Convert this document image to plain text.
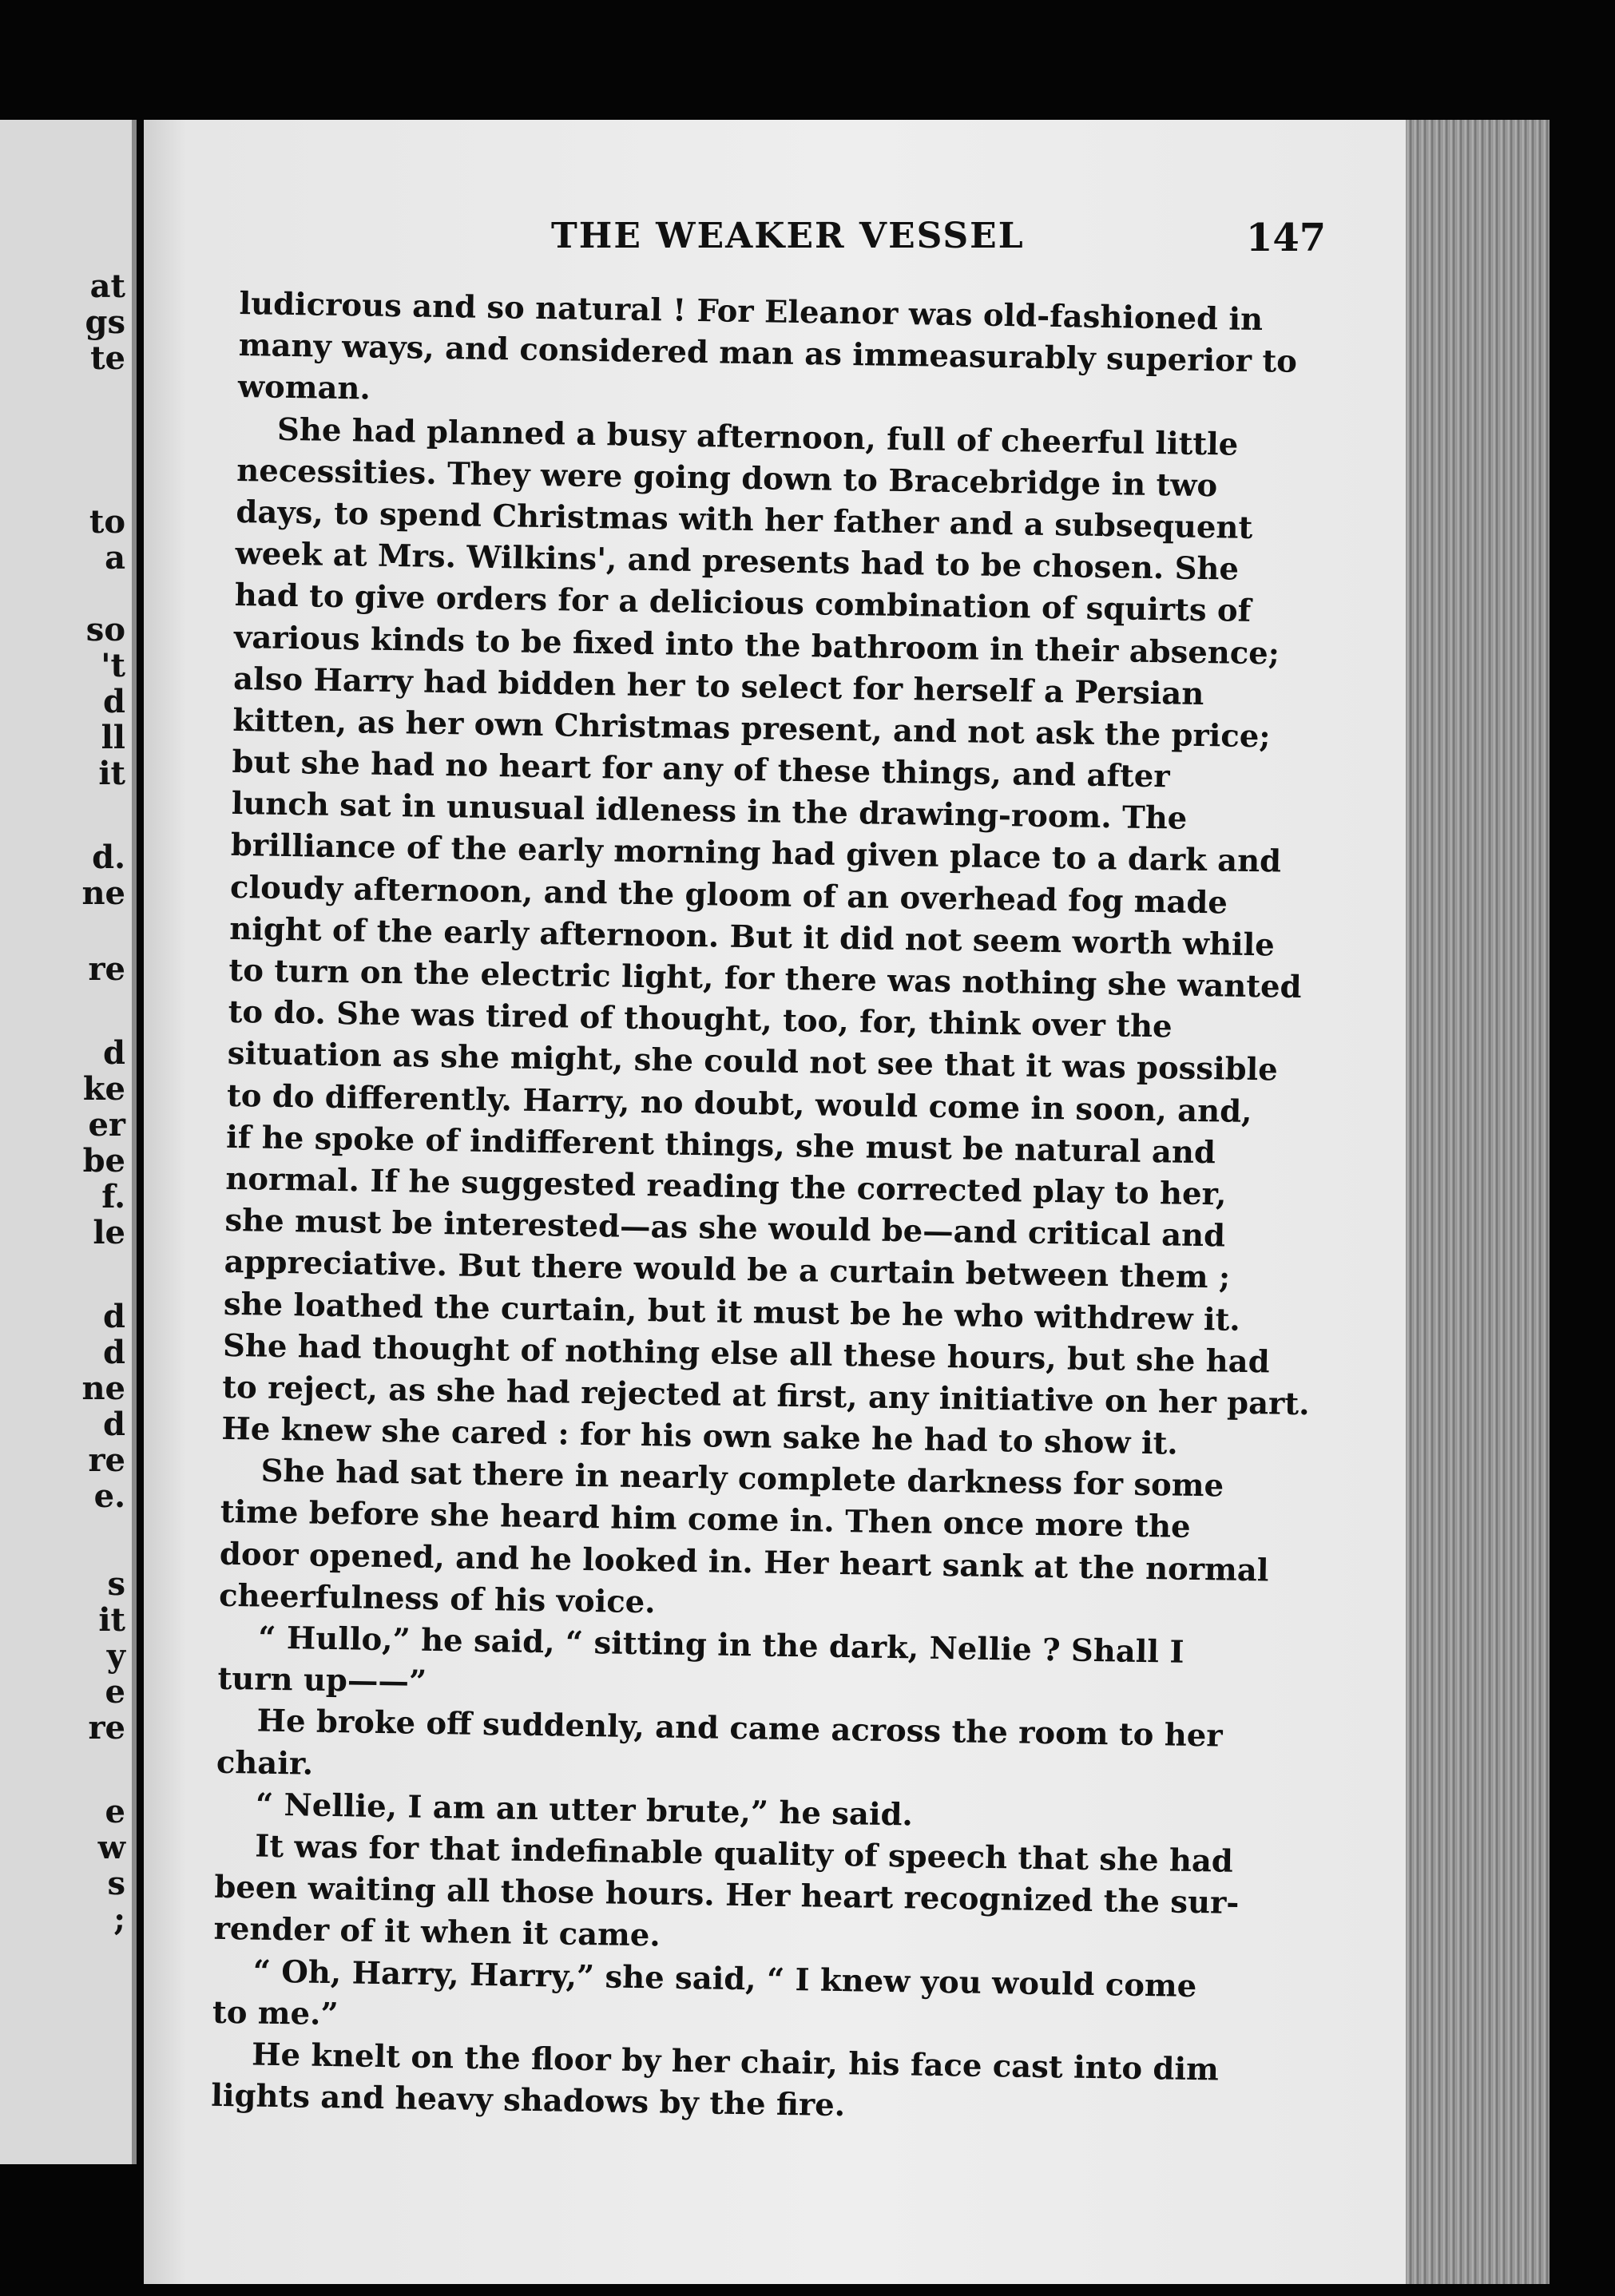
at
gs
te
to
a
so
't
d
ll
it
d.
ne
re
d
ke
er
be
f.
le
d
d
ne
d
re
e.
s
it
y
e
re
e
w
s
;
THE WEAKER VESSEL	147
ludicrous and so natural ! For Eleanor was old-fashioned in
many ways, and considered man as immeasurably superior to
woman.
She had planned a busy afternoon, full of cheerful little
necessities. They were going down to Bracebridge in two
days, to spend Christmas with her father and a subsequent
week at Mrs. Wilkins', and presents had to be chosen. She
had to give orders for a delicious combination of squirts of
various kinds to be fixed into the bathroom in their absence;
also Harry had bidden her to select for herself a Persian
kitten, as her own Christmas present, and not ask the price;
but she had no heart for any of these things, and after
lunch sat in unusual idleness in the drawing-room. The
brilliance of the early morning had given place to a dark and
cloudy afternoon, and the gloom of an overhead fog made
night of the early afternoon. But it did not seem worth while
to turn on the electric light, for there was nothing she wanted
to do. She was tired of thought, too, for, think over the
situation as she might, she could not see that it was possible
to do differently. Harry, no doubt, would come in soon, and,
if he spoke of indifferent things, she must be natural and
normal. If he suggested reading the corrected play to her,
she must be interested—as she would be—and critical and
appreciative. But there would be a curtain between them ;
she loathed the curtain, but it must be he who withdrew it.
She had thought of nothing else all these hours, but she had
to reject, as she had rejected at first, any initiative on her part.
He knew she cared : for his own sake he had to show it.
She had sat there in nearly complete darkness for some
time before she heard him come in. Then once more the
door opened, and he looked in. Her heart sank at the normal
cheerfulness of his voice.
“ Hullo,” he said, “ sitting in the dark, Nellie ? Shall I
turn up——”
He broke off suddenly, and came across the room to her
chair.
“ Nellie, I am an utter brute,” he said.
It was for that indefinable quality of speech that she had
been waiting all those hours. Her heart recognized the sur-
render of it when it came.
“ Oh, Harry, Harry,” she said, “ I knew you would come
to me.”
He knelt on the floor by her chair, his face cast into dim
lights and heavy shadows by the fire.
